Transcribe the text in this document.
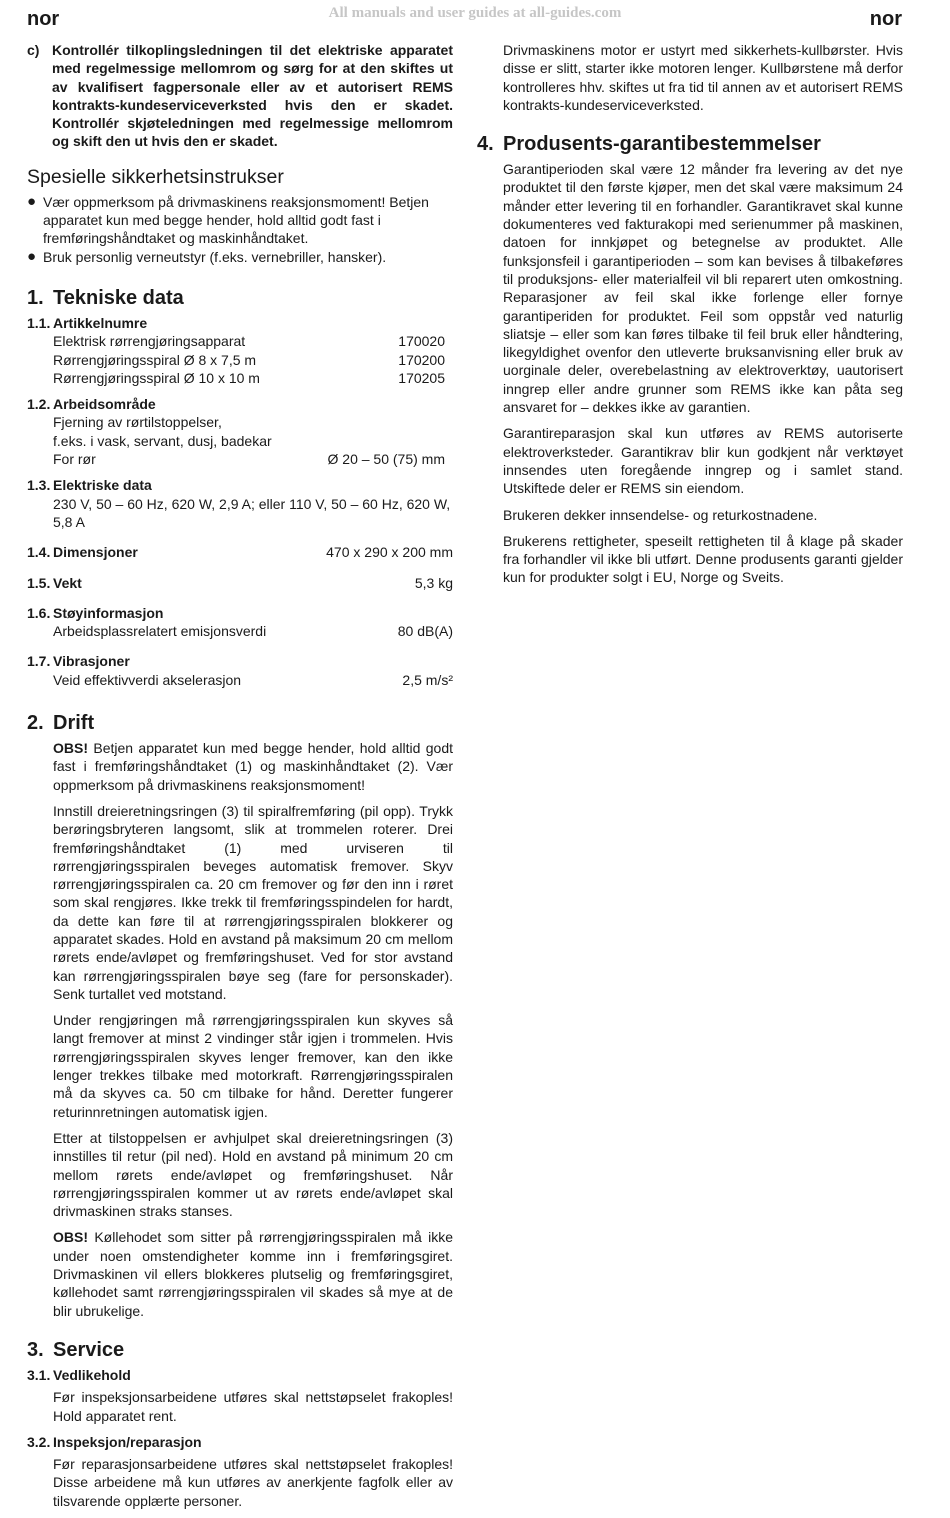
nor	All manuals and user guides at all-guides.com	nor
c) Kontrollér tilkoplingsledningen til det elektriske apparatet med regelmessige mellomrom og sørg for at den skiftes ut av kvalifisert fagpersonale eller av et autorisert REMS kontrakts-kundeserviceverksted hvis den er skadet. Kontrollér skjøteledningen med regelmessige mellomrom og skift den ut hvis den er skadet.
Spesielle sikkerhetsinstrukser
● Vær oppmerksom på drivmaskinens reaksjonsmoment! Betjen apparatet kun med begge hender, hold alltid godt fast i fremføringshåndtaket og maskinhåndtaket.
● Bruk personlig verneutstyr (f.eks. vernebriller, hansker).
1. Tekniske data
1.1. Artikkelnumre
Elektrisk rørrengjøringsapparat	170020
Rørrengjøringsspiral Ø 8 x 7,5 m	170200
Rørrengjøringsspiral Ø 10 x 10 m	170205
1.2. Arbeidsområde
Fjerning av rørtilstoppelser,
f.eks. i vask, servant, dusj, badekar
For rør	Ø 20 – 50 (75) mm
1.3. Elektriske data
230 V, 50 – 60 Hz, 620 W, 2,9 A; eller 110 V, 50 – 60 Hz, 620 W, 5,8 A
1.4. Dimensjoner	470 x 290 x 200 mm
1.5. Vekt	5,3 kg
1.6. Støyinformasjon
Arbeidsplassrelatert emisjonsverdi	80 dB(A)
1.7. Vibrasjoner
Veid effektivverdi akselerasjon	2,5 m/s²
2. Drift

OBS! Betjen apparatet kun med begge hender, hold alltid godt fast i fremføringshåndtaket (1) og maskinhåndtaket (2). Vær oppmerksom på drivmaskinens reaksjonsmoment!

Innstill dreieretningsringen (3) til spiralfremføring (pil opp). Trykk berøringsbryteren langsomt, slik at trommelen roterer. Drei fremføringshåndtaket (1) med urviseren til rørrengjøringsspiralen beveges automatisk fremover. Skyv rørrengjøringsspiralen ca. 20 cm fremover og før den inn i røret som skal rengjøres. Ikke trekk til fremføringsspindelen for hardt, da dette kan føre til at rørrengjøringsspiralen blokkerer og apparatet skades. Hold en avstand på maksimum 20 cm mellom rørets ende/avløpet og fremføringshuset. Ved for stor avstand kan rørrengjøringsspiralen bøye seg (fare for personskader). Senk turtallet ved motstand.

Under rengjøringen må rørrengjøringsspiralen kun skyves så langt fremover at minst 2 vindinger står igjen i trommelen. Hvis rørrengjøringsspiralen skyves lenger fremover, kan den ikke lenger trekkes tilbake med motorkraft. Rørrengjøringsspiralen må da skyves ca. 50 cm tilbake for hånd. Deretter fungerer returinnretningen automatisk igjen.

Etter at tilstoppelsen er avhjulpet skal dreieretningsringen (3) innstilles til retur (pil ned). Hold en avstand på minimum 20 cm mellom rørets ende/avløpet og fremføringshuset. Når rørrengjøringsspiralen kommer ut av rørets ende/avløpet skal drivmaskinen straks stanses.

OBS! Køllehodet som sitter på rørrengjøringsspiralen må ikke under noen omstendigheter komme inn i fremføringsgiret. Drivmaskinen vil ellers blokkeres plutselig og fremføringsgiret, køllehodet samt rørrengjøringsspiralen vil skades så mye at de blir ubrukelige.

3. Service
3.1. Vedlikehold

Før inspeksjonsarbeidene utføres skal nettstøpselet frakoples! Hold apparatet rent.

3.2. Inspeksjon/reparasjon

Før reparasjonsarbeidene utføres skal nettstøpselet frakoples! Disse arbeidene må kun utføres av anerkjente fagfolk eller av tilsvarende opplærte personer.

Drivmaskinens motor er ustyrt med sikkerhets-kullbørster. Hvis disse er slitt, starter ikke motoren lenger. Kullbørstene må derfor kontrolleres hhv. skiftes ut fra tid til annen av et autorisert REMS kontrakts-kundeserviceverksted.

4. Produsents-garantibestemmelser

Garantiperioden skal være 12 månder fra levering av det nye produktet til den første kjøper, men det skal være maksimum 24 månder etter levering til en forhandler. Garantikravet skal kunne dokumenteres ved fakturakopi med serienummer på maskinen, datoen for innkjøpet og betegnelse av produktet. Alle funksjonsfeil i garantiperioden – som kan bevises å tilbakeføres til produksjons- eller materialfeil vil bli reparert uten omkostning. Reparasjoner av feil skal ikke forlenge eller fornye garantiperiden for produktet. Feil som oppstår ved naturlig sliatsje – eller som kan føres tilbake til feil bruk eller håndtering, likegyldighet ovenfor den utleverte bruksanvisning eller bruk av uorginale deler, overebelastning av elektroverktøy, uautorisert inngrep eller andre grunner som REMS ikke kan påta seg ansvaret for – dekkes ikke av garantien.

Garantireparasjon skal kun utføres av REMS autoriserte elektroverksteder. Garantikrav blir kun godkjent når verktøyet innsendes uten foregående inngrep og i samlet stand. Utskiftede deler er REMS sin eiendom.

Brukeren dekker innsendelse- og returkostnadene.

Brukerens rettigheter, speseilt rettigheten til å klage på skader fra forhandler vil ikke bli utført. Denne produsents garanti gjelder kun for produkter solgt i EU, Norge og Sveits.
